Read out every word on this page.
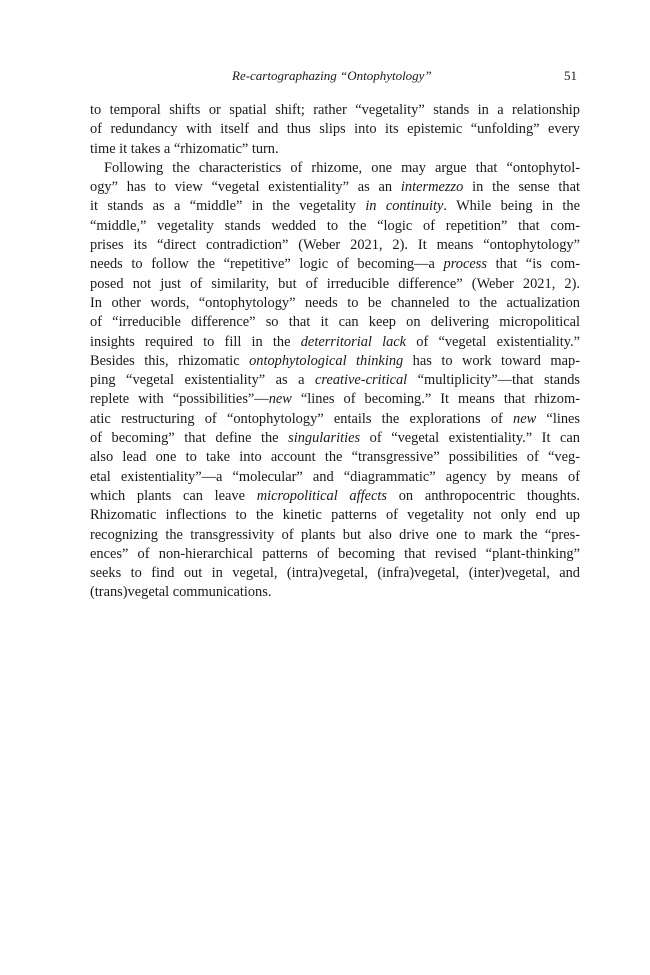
Re-cartographazing “Ontophytology”	51
to temporal shifts or spatial shift; rather “vegetality” stands in a relationship
of redundancy with itself and thus slips into its epistemic “unfolding” every
time it takes a “rhizomatic” turn.
Following the characteristics of rhizome, one may argue that “ontophytol-
ogy” has to view “vegetal existentiality” as an intermezzo in the sense that
it stands as a “middle” in the vegetality in continuity. While being in the
“middle,” vegetality stands wedded to the “logic of repetition” that com-
prises its “direct contradiction” (Weber 2021, 2). It means “ontophytology”
needs to follow the “repetitive” logic of becoming—a process that “is com-
posed not just of similarity, but of irreducible difference” (Weber 2021, 2).
In other words, “ontophytology” needs to be channeled to the actualization
of “irreducible difference” so that it can keep on delivering micropolitical
insights required to fill in the deterritorial lack of “vegetal existentiality.”
Besides this, rhizomatic ontophytological thinking has to work toward map-
ping “vegetal existentiality” as a creative-critical “multiplicity”—that stands
replete with “possibilities”—new “lines of becoming.” It means that rhizom-
atic restructuring of “ontophytology” entails the explorations of new “lines
of becoming” that define the singularities of “vegetal existentiality.” It can
also lead one to take into account the “transgressive” possibilities of “veg-
etal existentiality”—a “molecular” and “diagrammatic” agency by means of
which plants can leave micropolitical affects on anthropocentric thoughts.
Rhizomatic inflections to the kinetic patterns of vegetality not only end up
recognizing the transgressivity of plants but also drive one to mark the “pres-
ences” of non-hierarchical patterns of becoming that revised “plant-thinking”
seeks to find out in vegetal, (intra)vegetal, (infra)vegetal, (inter)vegetal, and
(trans)vegetal communications.
